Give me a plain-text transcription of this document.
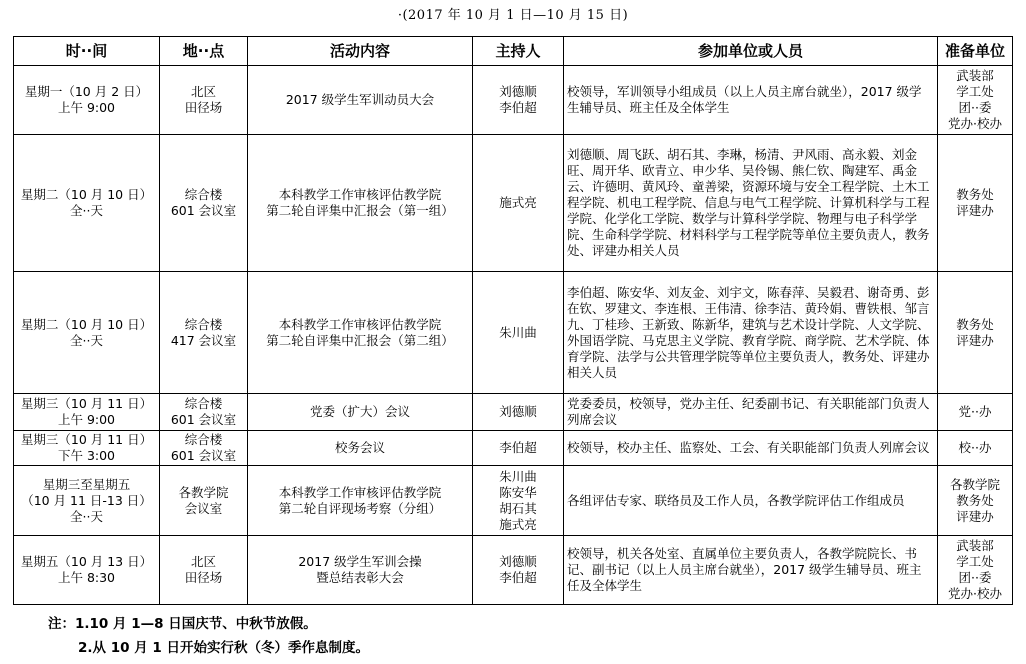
·(2017 年 10 月 1 日—10 月 15 日)
时··间	地··点	活动内容	主持人	参加单位或人员	准备单位

星期一（10 月 2 日）
上午 9:00	北区
田径场	2017 级学生军训动员大会	刘德顺
李伯超	校领导，军训领导小组成员（以上人员主席台就坐），2017 级学生辅导员、班主任及全体学生	武装部
学工处
团··委
党办·校办

星期二（10 月 10 日）
全··天	综合楼
601 会议室	本科教学工作审核评估教学院
第二轮自评集中汇报会（第一组）	施式亮	刘德顺、周飞跃、胡石其、李琳，杨清、尹风雨、高永毅、刘金旺、周开华、欧青立、申少华、吴伶锡、熊仁钦、陶建军、禹金云、许德明、黄风玲、童善梁，资源环境与安全工程学院、土木工程学院、机电工程学院、信息与电气工程学院、计算机科学与工程学院、化学化工学院、数学与计算科学学院、物理与电子科学学院、生命科学学院、材料科学与工程学院等单位主要负责人，教务处、评建办相关人员	教务处
评建办

星期二（10 月 10 日）
全··天	综合楼
417 会议室	本科教学工作审核评估教学院
第二轮自评集中汇报会（第二组）	朱川曲	李伯超、陈安华、刘友金、刘宇文，陈春萍、吴毅君、谢奇勇、彭在钦、罗建文、李连根、王伟清、徐李洁、黄玲娟、曹铁根、邹言九、丁桂珍、王新致、陈新华，建筑与艺术设计学院、人文学院、外国语学院、马克思主义学院、教育学院、商学院、艺术学院、体育学院、法学与公共管理学院等单位主要负责人，教务处、评建办相关人员	教务处
评建办

星期三（10 月 11 日）
上午 9:00	综合楼
601 会议室	党委（扩大）会议	刘德顺	党委委员，校领导，党办主任、纪委副书记、有关职能部门负责人列席会议	党··办

星期三（10 月 11 日）
下午 3:00	综合楼
601 会议室	校务会议	李伯超	校领导，校办主任、监察处、工会、有关职能部门负责人列席会议	校··办

星期三至星期五
（10 月 11 日-13 日）
全··天	各教学院
会议室	本科教学工作审核评估教学院
第二轮自评现场考察（分组）	朱川曲
陈安华
胡石其
施式亮	各组评估专家、联络员及工作人员，各教学院评估工作组成员	各教学院
教务处
评建办

星期五（10 月 13 日）
上午 8:30	北区
田径场	2017 级学生军训会操
暨总结表彰大会	刘德顺
李伯超	校领导，机关各处室、直属单位主要负责人，各教学院院长、书记、副书记（以上人员主席台就坐），2017 级学生辅导员、班主任及全体学生	武装部
学工处
团··委
党办·校办
注：1.10 月 1—8 日国庆节、中秋节放假。
2.从 10 月 1 日开始实行秋（冬）季作息制度。
